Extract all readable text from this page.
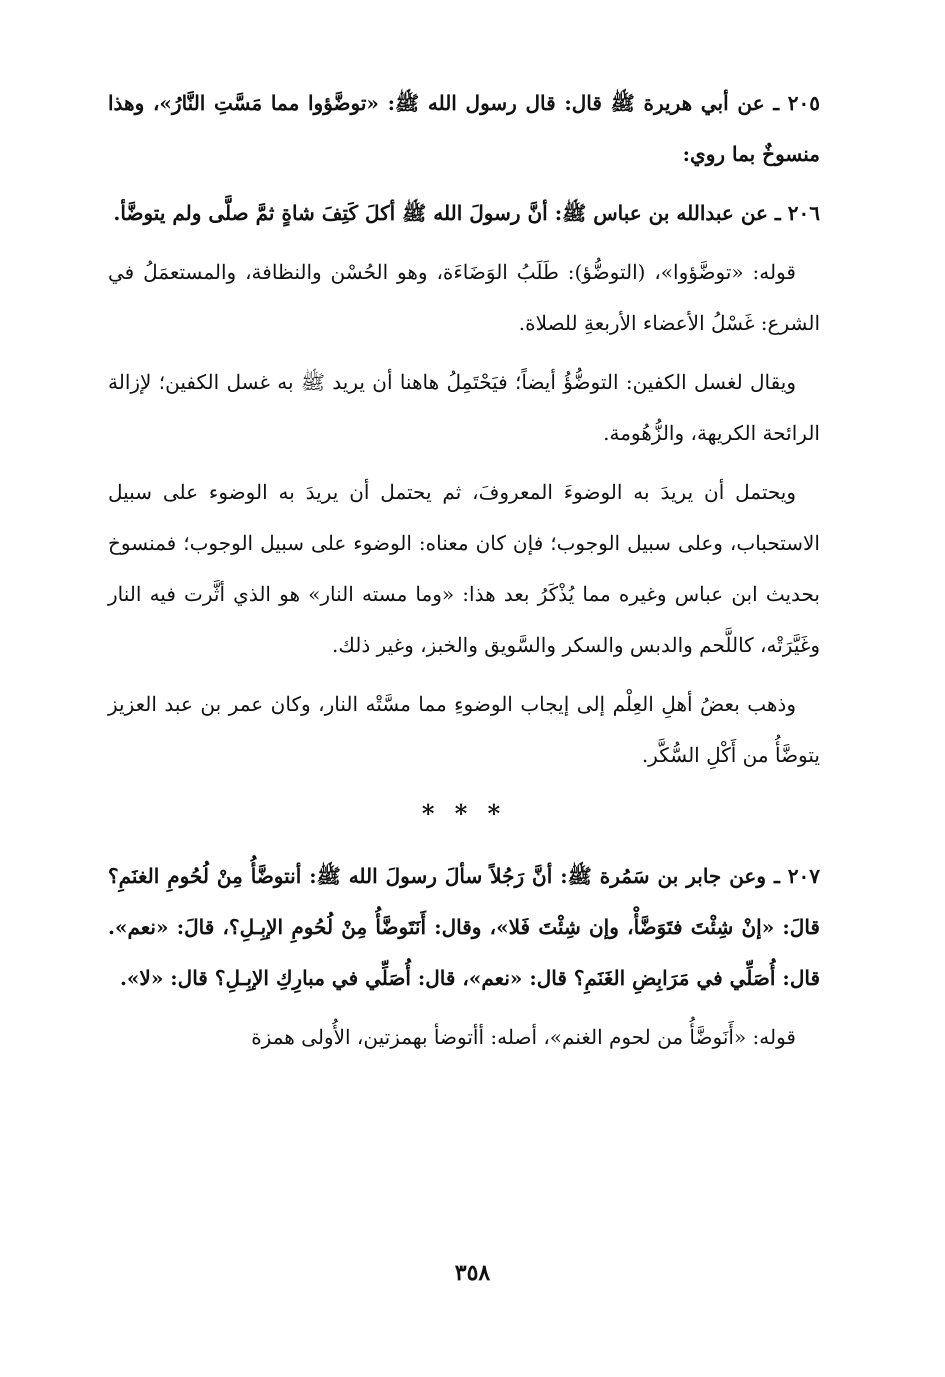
٢٠٥ ـ عن أبي هريرة ﷺ قال: قال رسول الله ﷺ: «توضَّؤوا مما مَسَّتِ النَّارُ»، وهذا منسوخٌ بما روي:

٢٠٦ ـ عن عبدالله بن عباس ﷺ: أنَّ رسولَ الله ﷺ أكلَ كَتِفَ شاةٍ ثمَّ صلَّى ولم يتوضَّأ.

قوله: «توضَّؤوا»، (التوضُّؤ): طَلَبُ الوَضَاءَة، وهو الحُسْن والنظافة، والمستعمَلُ في الشرع: غَسْلُ الأعضاء الأربعةِ للصلاة.

ويقال لغسل الكفين: التوضُّؤُ أيضاً؛ فيَحْتَمِلُ هاهنا أن يريد ﷺ به غسل الكفين؛ لإزالة الرائحة الكريهة، والزُّهُومة.

ويحتمل أن يريدَ به الوضوءَ المعروفَ، ثم يحتمل أن يريدَ به الوضوء على سبيل الاستحباب، وعلى سبيل الوجوب؛ فإن كان معناه: الوضوء على سبيل الوجوب؛ فمنسوخ بحديث ابن عباس وغيره مما يُذْكَرُ بعد هذا: «وما مسته النار» هو الذي أثَّرت فيه النار وغَيَّرَتْه، كاللَّحم والدبس والسكر والسَّويق والخبز، وغير ذلك.

وذهب بعضُ أهلِ العِلْم إلى إيجاب الوضوءِ مما مسَّتْه النار، وكان عمر بن عبد العزيز يتوضَّأُ من أَكْلِ السُّكَّر.

* * *

٢٠٧ ـ وعن جابر بن سَمُرة ﷺ: أنَّ رَجُلاً سألَ رسولَ الله ﷺ: أنتوضَّأُ مِنْ لُحُومِ الغنَمِ؟ قالَ: «إنْ شِئْتَ فتَوَضَّأْ، وإن شِئْتَ فَلا»، وقال: أَنَتَوضَّأُ مِنْ لُحُومِ الإبِـلِ؟، قالَ: «نعم». قال: أُصَلِّي في مَرَابِضِ الغَنَمِ؟ قال: «نعم»، قال: أُصَلِّي في مبارِكِ الإبِـلِ؟ قال: «لا».

قوله: «أَنَوضَّأُ من لحوم الغنم»، أصله: أأتوضأ بهمزتين، الأُولى همزة

٣٥٨
